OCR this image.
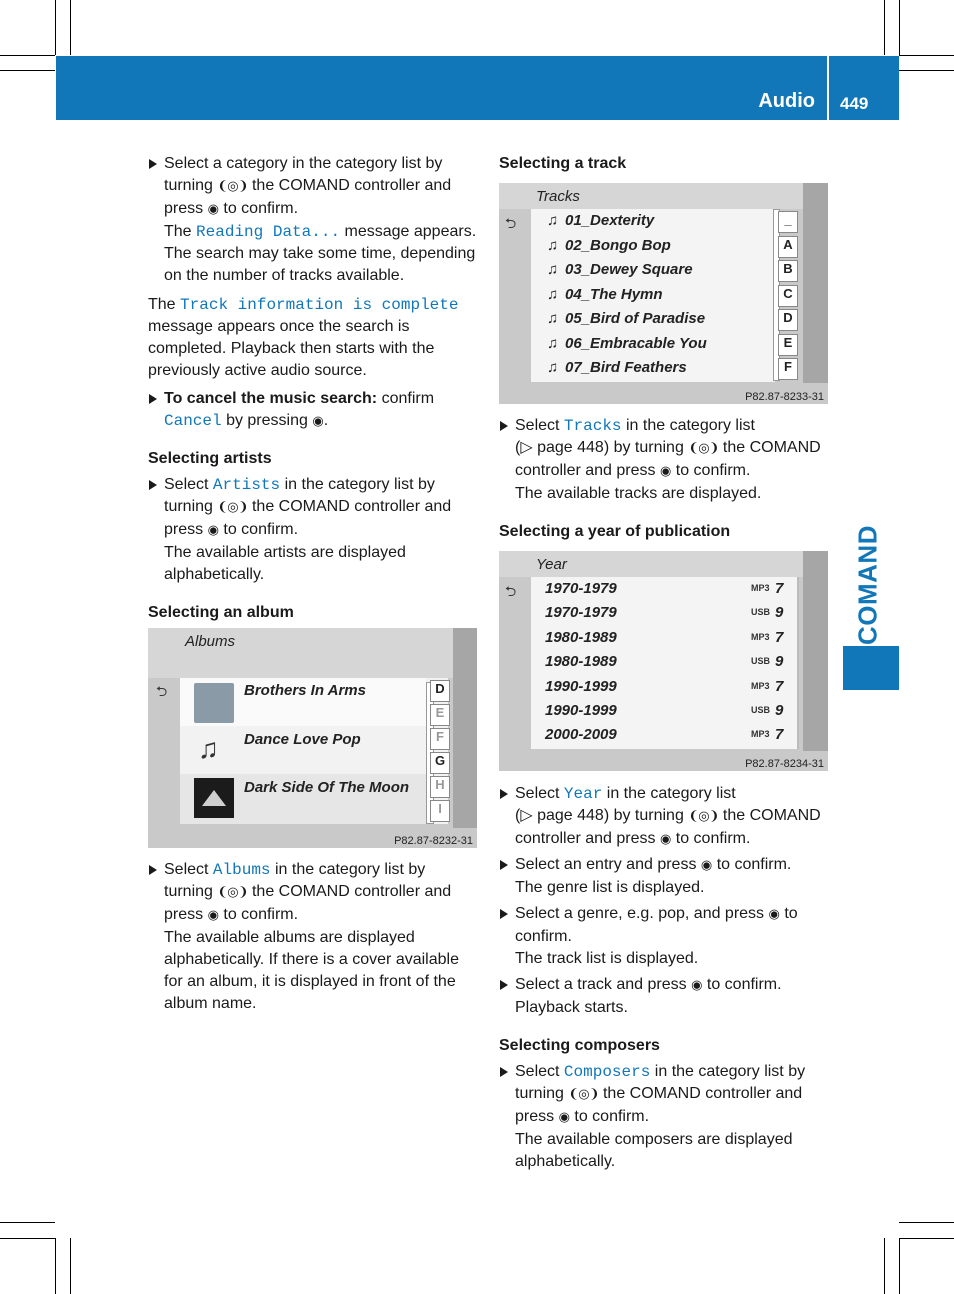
Audio 449
COMAND

Select a category in the category list by

turning ❨◎❩ the COMAND controller and

press ◉ to confirm.

The Reading Data... message appears.

The search may take some time, depending

on the number of tracks available.

The Track information is complete

message appears once the search is

completed. Playback then starts with the

previously active audio source.

To cancel the music search: confirm

Cancel by pressing ◉.

Selecting artists

Select Artists in the category list by

turning ❨◎❩ the COMAND controller and

press ◉ to confirm.

The available artists are displayed

alphabetically.

Selecting an album

Albums
⮌	Brothers In Arms
♫ Dance Love Pop
Dark Side Of The Moon
D
E
F
G
H
I
P82.87-8232-31

Select Albums in the category list by

turning ❨◎❩ the COMAND controller and

press ◉ to confirm.

The available albums are displayed

alphabetically. If there is a cover available

for an album, it is displayed in front of the

album name.

Selecting a track

Tracks
⮌ ♫ 01_Dexterity
♫ 02_Bongo Bop
♫ 03_Dewey Square
♫ 04_The Hymn
♫ 05_Bird of Paradise
♫ 06_Embracable You
♫ 07_Bird Feathers
P82.87-8233-31
_
A
B
C
D
E
F

Select Tracks in the category list

(▷ page 448) by turning ❨◎❩ the COMAND

controller and press ◉ to confirm.

The available tracks are displayed.

Selecting a year of publication

Year
⮌ 1970-1979	MP3 7
1970-1979	USB 9
1980-1989	MP3 7
1980-1989	USB 9
1990-1999	MP3 7
1990-1999	USB 9
2000-2009	MP3 7
P82.87-8234-31

Select Year in the category list

(▷ page 448) by turning ❨◎❩ the COMAND

controller and press ◉ to confirm.

Select an entry and press ◉ to confirm.

The genre list is displayed.

Select a genre, e.g. pop, and press ◉ to

confirm.

The track list is displayed.

Select a track and press ◉ to confirm.

Playback starts.

Selecting composers

Select Composers in the category list by

turning ❨◎❩ the COMAND controller and

press ◉ to confirm.

The available composers are displayed

alphabetically.
